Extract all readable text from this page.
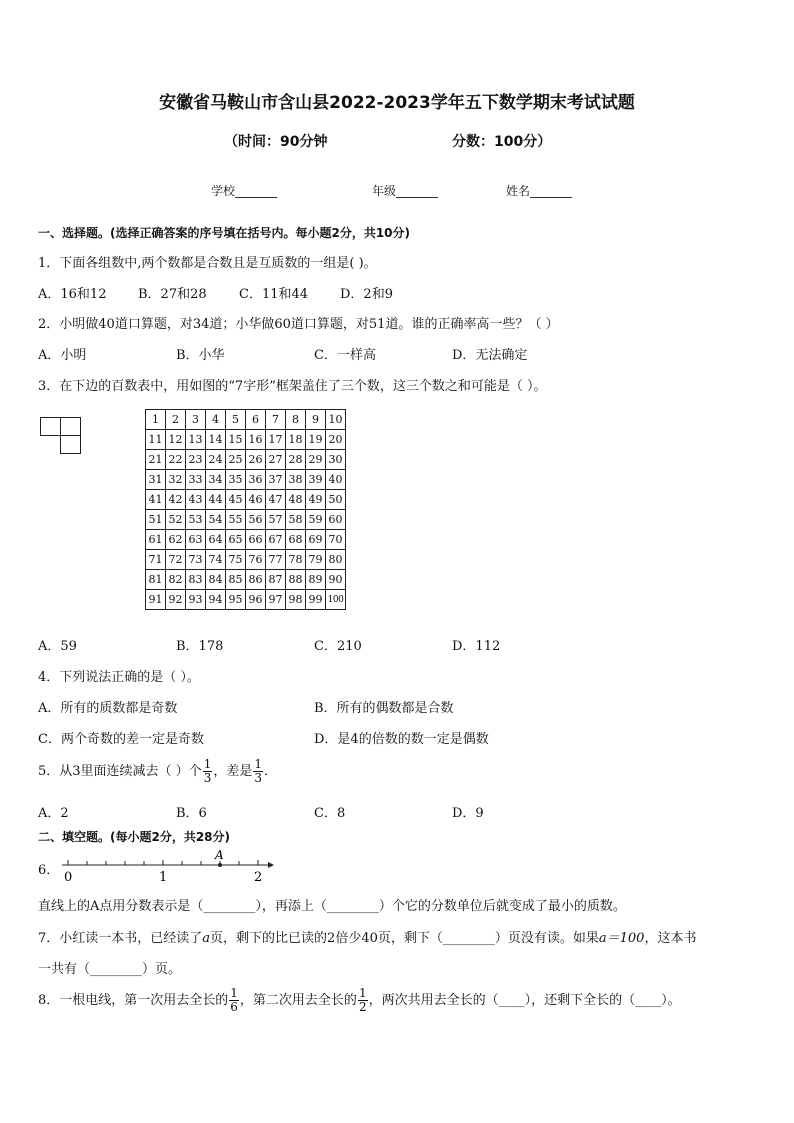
安徽省马鞍山市含山县2022-2023学年五下数学期末考试试题
（时间：90分钟	分数：100分）
学校_______	年级_______	姓名_______
一、选择题。(选择正确答案的序号填在括号内。每小题2分，共10分)
1．下面各组数中,两个数都是合数且是互质数的一组是( )。
A．16和12 B．27和28 C．11和44 D．2和9
2．小明做40道口算题，对34道；小华做60道口算题，对51道。谁的正确率高一些？（ ）
A．小明	B．小华	C．一样高	D．无法确定
3．在下边的百数表中，用如图的“7字形”框架盖住了三个数，这三个数之和可能是（ ）。
1	2	3	4	5	6	7	8	9	10
11	12	13	14	15	16	17	18	19	20
21	22	23	24	25	26	27	28	29	30
31	32	33	34	35	36	37	38	39	40
41	42	43	44	45	46	47	48	49	50
51	52	53	54	55	56	57	58	59	60
61	62	63	64	65	66	67	68	69	70
71	72	73	74	75	76	77	78	79	80
81	82	83	84	85	86	87	88	89	90
91	92	93	94	95	96	97	98	99	100
A．59	B．178	C．210	D．112
4．下列说法正确的是（ ）。
A．所有的质数都是奇数	B．所有的偶数都是合数
C．两个奇数的差一定是奇数	D．是4的倍数的数一定是偶数
5．从3里面连续减去（ ）个 $\frac{1}{3}$ ，差是 $\frac{1}{3}$ ．
A．2	B．6	C．8	D．9
二、填空题。(每小题2分，共28分)
6．
A
0	1	2
直线上的A点用分数表示是（________），再添上（________）个它的分数单位后就变成了最小的质数。
7．小红读一本书，已经读了a页，剩下的比已读的2倍少40页，剩下（________）页没有读。如果a＝100，这本书
一共有（________）页。
8．一根电线，第一次用去全长的 $\frac{1}{6}$ ，第二次用去全长的 $\frac{1}{2}$ ，两次共用去全长的（____），还剩下全长的（____）。
